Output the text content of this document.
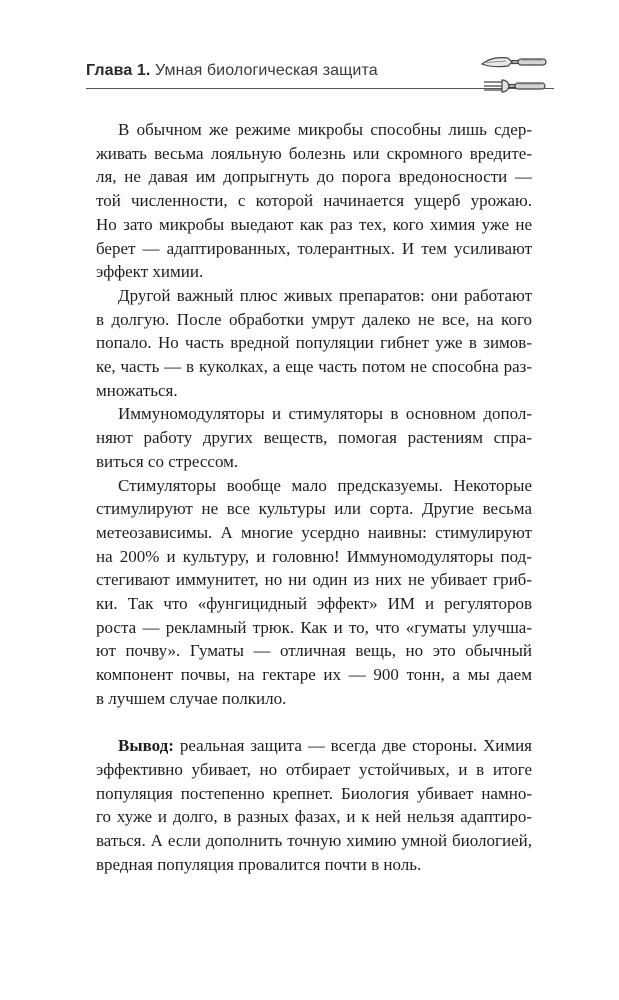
Глава 1. Умная биологическая защита
В обычном же режиме микробы способны лишь сдер-
живать весьма лояльную болезнь или скромного вредите-
ля, не давая им допрыгнуть до порога вредоносности —
той численности, с которой начинается ущерб урожаю.
Но зато микробы выедают как раз тех, кого химия уже не
берет — адаптированных, толерантных. И тем усиливают
эффект химии.
Другой важный плюс живых препаратов: они работают
в долгую. После обработки умрут далеко не все, на кого
попало. Но часть вредной популяции гибнет уже в зимов-
ке, часть — в куколках, а еще часть потом не способна раз-
множаться.
Иммуномодуляторы и стимуляторы в основном допол-
няют работу других веществ, помогая растениям спра-
виться со стрессом.
Стимуляторы вообще мало предсказуемы. Некоторые
стимулируют не все культуры или сорта. Другие весьма
метеозависимы. А многие усердно наивны: стимулируют
на 200% и культуру, и головню! Иммуномодуляторы под-
стегивают иммунитет, но ни один из них не убивает гриб-
ки. Так что «фунгицидный эффект» ИМ и регуляторов
роста — рекламный трюк. Как и то, что «гуматы улучша-
ют почву». Гуматы — отличная вещь, но это обычный
компонент почвы, на гектаре их — 900 тонн, а мы даем
в лучшем случае полкило.
Вывод: реальная защита — всегда две стороны. Химия
эффективно убивает, но отбирает устойчивых, и в итоге
популяция постепенно крепнет. Биология убивает намно-
го хуже и долго, в разных фазах, и к ней нельзя адаптиро-
ваться. А если дополнить точную химию умной биологией,
вредная популяция провалится почти в ноль.
